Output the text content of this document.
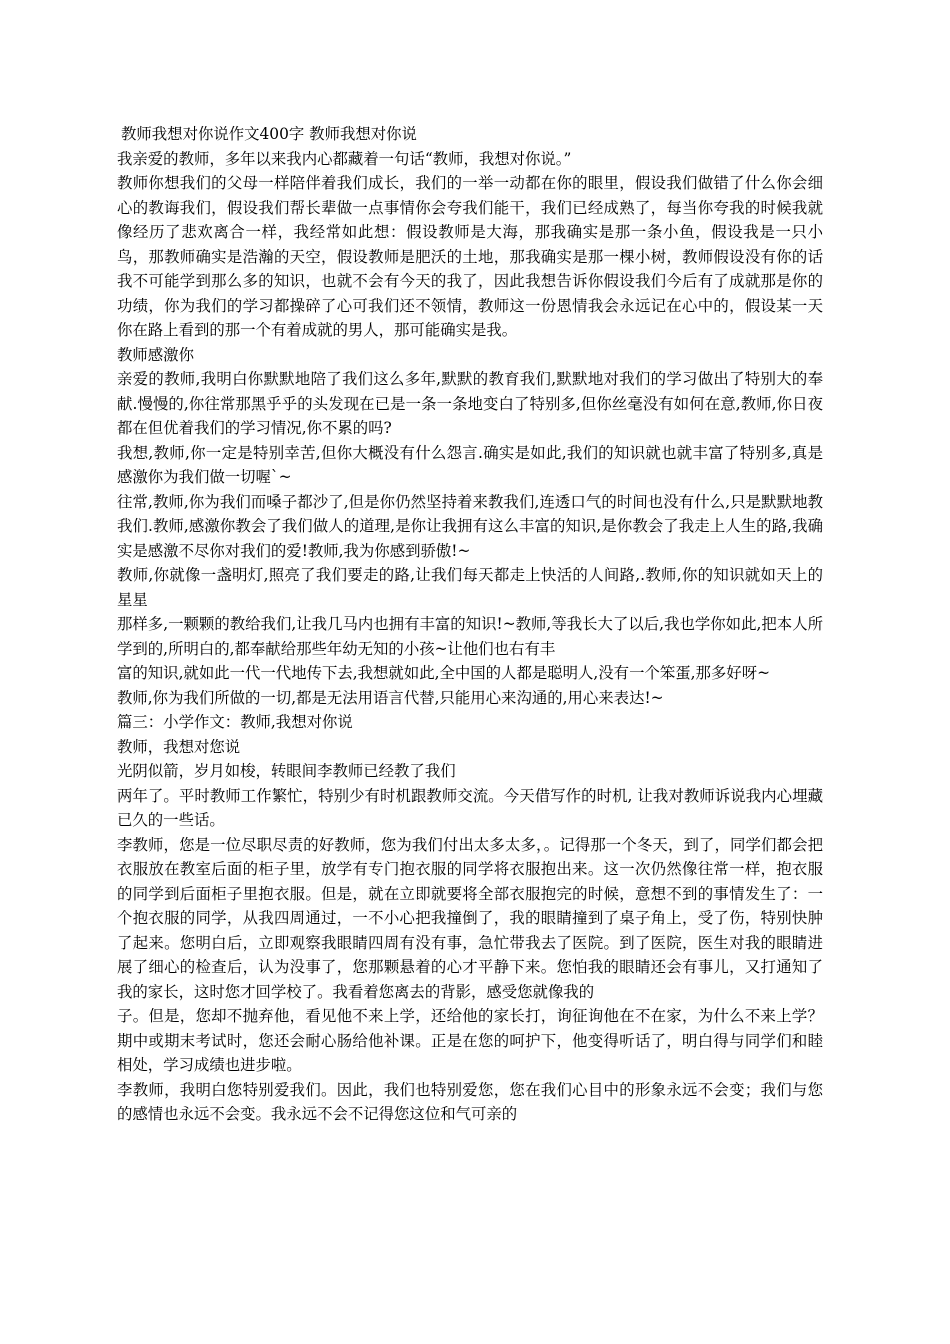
教师我想对你说作文400字 教师我想对你说

我亲爱的教师，多年以来我内心都藏着一句话“教师，我想对你说。”

教师你想我们的父母一样陪伴着我们成长，我们的一举一动都在你的眼里，假设我们做错了什么你会细心的教诲我们，假设我们帮长辈做一点事情你会夸我们能干，我们已经成熟了，每当你夸我的时候我就像经历了悲欢离合一样，我经常如此想：假设教师是大海，那我确实是那一条小鱼，假设我是一只小鸟，那教师确实是浩瀚的天空，假设教师是肥沃的土地，那我确实是那一棵小树，教师假设没有你的话我不可能学到那么多的知识，也就不会有今天的我了，因此我想告诉你假设我们今后有了成就那是你的功绩，你为我们的学习都操碎了心可我们还不领情，教师这一份恩情我会永远记在心中的，假设某一天你在路上看到的那一个有着成就的男人，那可能确实是我。

教师感激你

亲爱的教师,我明白你默默地陪了我们这么多年,默默的教育我们,默默地对我们的学习做出了特别大的奉献.慢慢的,你往常那黑乎乎的头发现在已是一条一条地变白了特别多,但你丝毫没有如何在意,教师,你日夜都在但优着我们的学习情况,你不累的吗?

我想,教师,你一定是特别幸苦,但你大概没有什么怨言.确实是如此,我们的知识就也就丰富了特别多,真是感激你为我们做一切喔`~

往常,教师,你为我们而嗓子都沙了,但是你仍然坚持着来教我们,连透口气的时间也没有什么,只是默默地教我们.教师,感激你教会了我们做人的道理,是你让我拥有这么丰富的知识,是你教会了我走上人生的路,我确实是感激不尽你对我们的爱!教师,我为你感到骄傲!~

教师,你就像一盏明灯,照亮了我们要走的路,让我们每天都走上快活的人间路,.教师,你的知识就如天上的星星

那样多,一颗颗的教给我们,让我几马内也拥有丰富的知识!~教师,等我长大了以后,我也学你如此,把本人所学到的,所明白的,都奉献给那些年幼无知的小孩~让他们也右有丰

富的知识,就如此一代一代地传下去,我想就如此,全中国的人都是聪明人,没有一个笨蛋,那多好呀~

教师,你为我们所做的一切,都是无法用语言代替,只能用心来沟通的,用心来表达!~

篇三：小学作文：教师,我想对你说

教师，我想对您说

光阴似箭，岁月如梭，转眼间李教师已经教了我们

两年了。平时教师工作繁忙，特别少有时机跟教师交流。今天借写作的时机, 让我对教师诉说我内心埋藏已久的一些话。

李教师，您是一位尽职尽责的好教师，您为我们付出太多太多，。记得那一个冬天，到了，同学们都会把衣服放在教室后面的柜子里，放学有专门抱衣服的同学将衣服抱出来。这一次仍然像往常一样，抱衣服的同学到后面柜子里抱衣服。但是，就在立即就要将全部衣服抱完的时候，意想不到的事情发生了：一个抱衣服的同学，从我四周通过，一不小心把我撞倒了，我的眼睛撞到了桌子角上，受了伤，特别快肿了起来。您明白后，立即观察我眼睛四周有没有事，急忙带我去了医院。到了医院，医生对我的眼睛进展了细心的检查后，认为没事了，您那颗悬着的心才平静下来。您怕我的眼睛还会有事儿，又打通知了我的家长，这时您才回学校了。我看着您离去的背影，感受您就像我的

子。但是，您却不抛弃他，看见他不来上学，还给他的家长打，询征询他在不在家，为什么不来上学？期中或期末考试时，您还会耐心肠给他补课。正是在您的呵护下，他变得听话了，明白得与同学们和睦相处，学习成绩也进步啦。

李教师，我明白您特别爱我们。因此，我们也特别爱您，您在我们心目中的形象永远不会变；我们与您的感情也永远不会变。我永远不会不记得您这位和气可亲的
